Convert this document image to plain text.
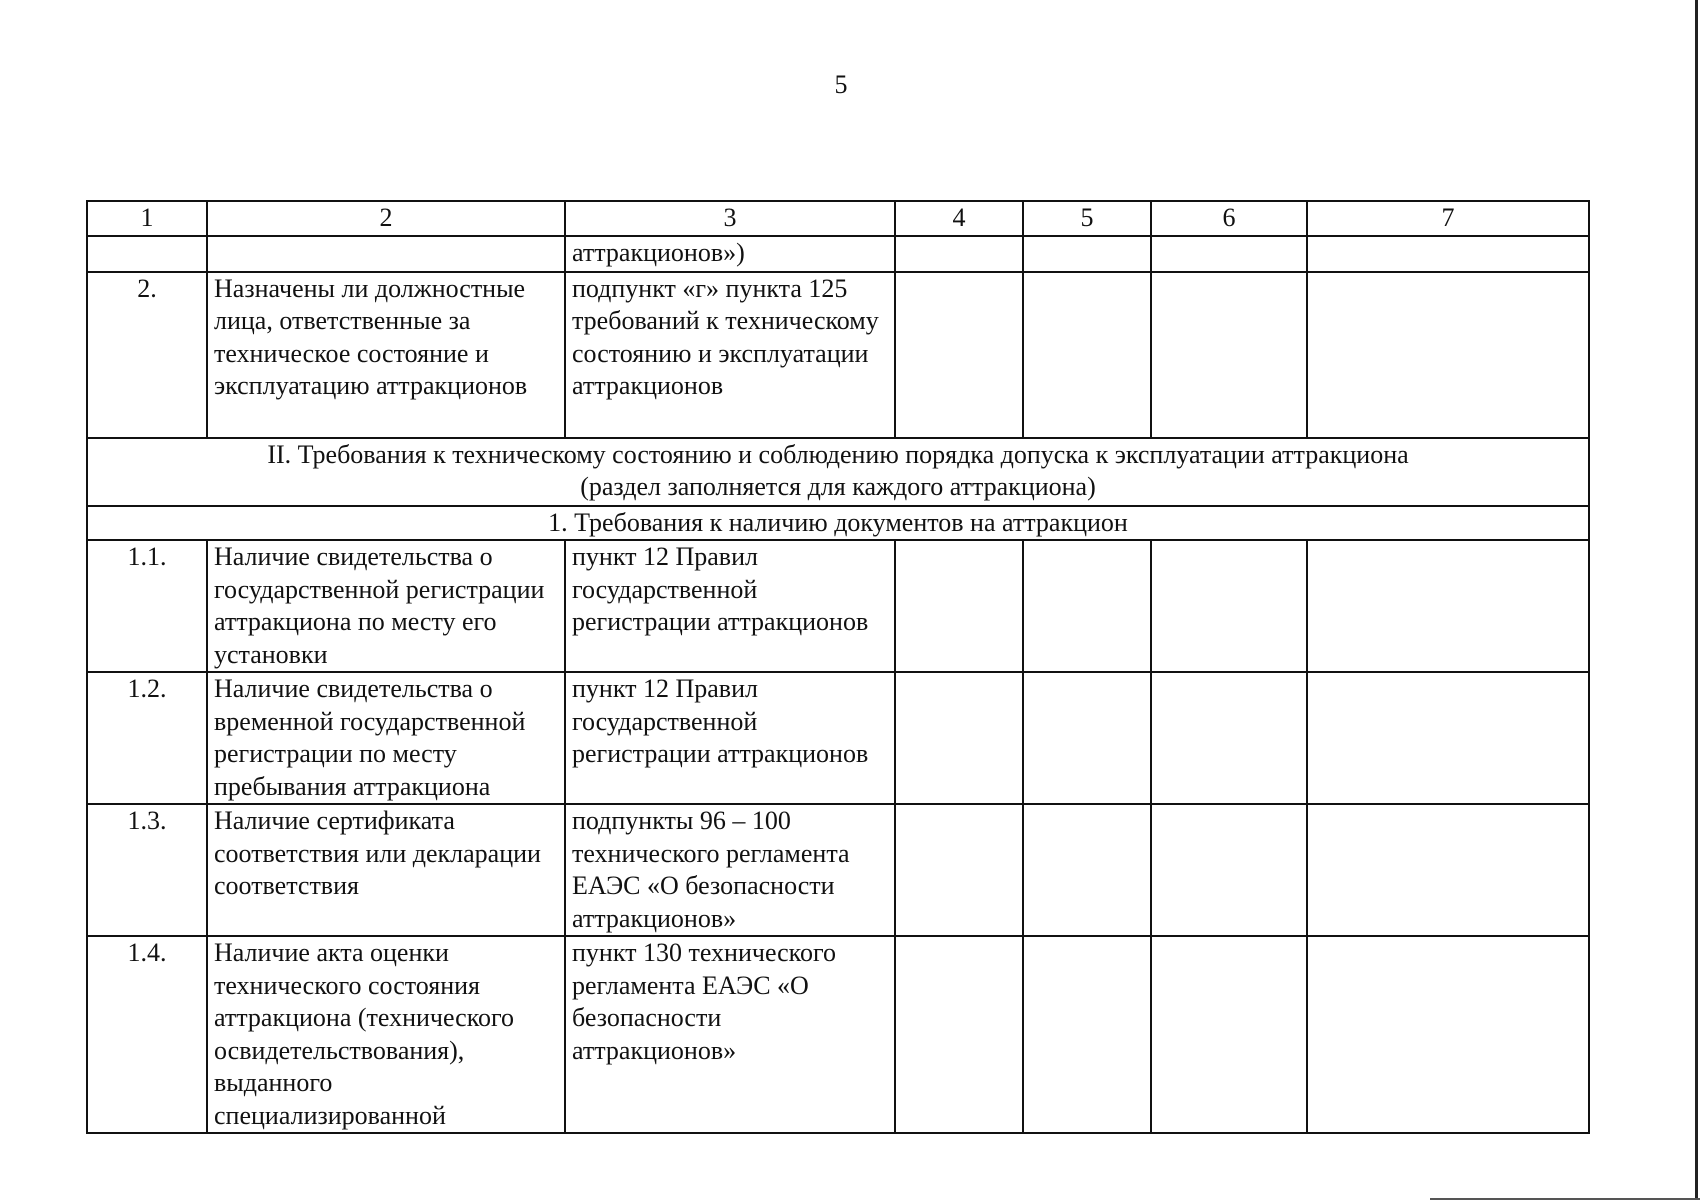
5
1	2	3	4	5	6	7
		аттракционов»)				
2.	Назначены ли должностные лица, ответственные за техническое состояние и эксплуатацию аттракционов	подпункт «г» пункта 125 требований к техническому состоянию и эксплуатации аттракционов				

II. Требования к техническому состоянию и соблюдению порядка допуска к эксплуатации аттракциона
(раздел заполняется для каждого аттракциона)						

1. Требования к наличию документов на аттракцион						
1.1.	Наличие свидетельства о государственной регистрации аттракциона по месту его установки	пункт 12 Правил государственной регистрации аттракционов				
1.2.	Наличие свидетельства о временной государственной регистрации по месту пребывания аттракциона	пункт 12 Правил государственной регистрации аттракционов				
1.3.	Наличие сертификата соответствия или декларации соответствия	подпункты 96 – 100 технического регламента ЕАЭС «О безопасности аттракционов»				
1.4.	Наличие акта оценки технического состояния аттракциона (технического освидетельствования), выданного специализированной	пункт 130 технического регламента ЕАЭС «О безопасности аттракционов»				
